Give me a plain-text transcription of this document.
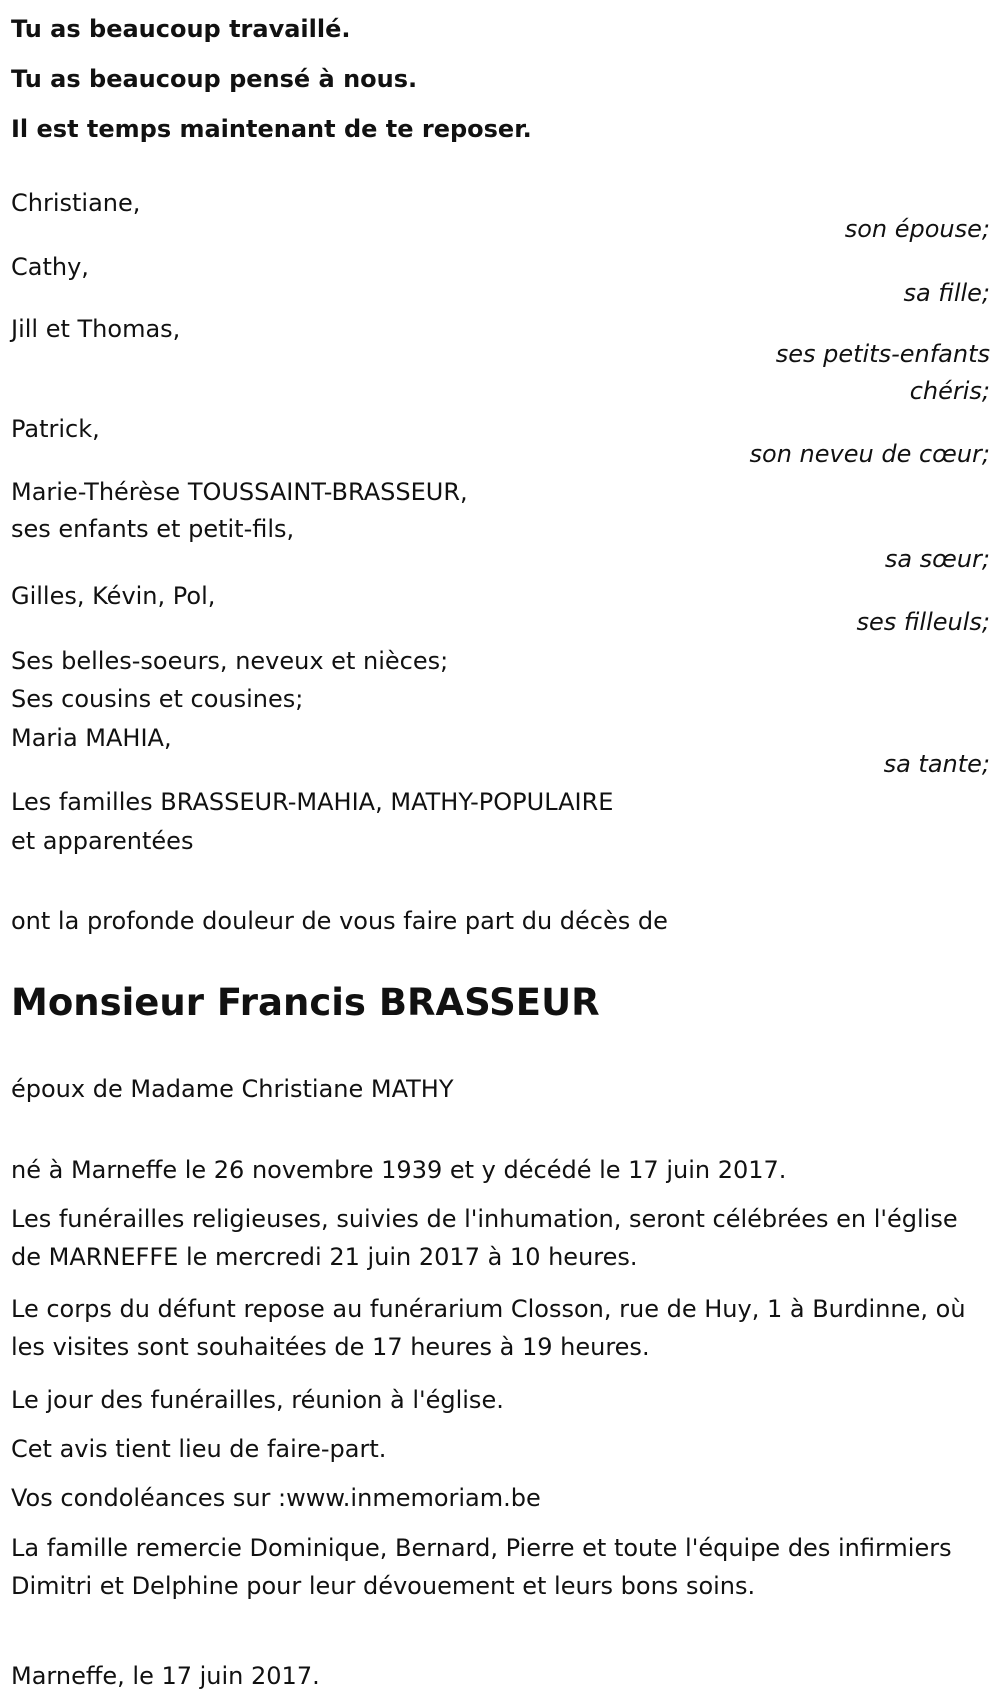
Tu as beaucoup travaillé.
Tu as beaucoup pensé à nous.
Il est temps maintenant de te reposer.
Christiane,
son épouse;
Cathy,
sa fille;
Jill et Thomas,
ses petits-enfants
chéris;
Patrick,
son neveu de cœur;
Marie-Thérèse TOUSSAINT-BRASSEUR,
ses enfants et petit-fils,
sa sœur;
Gilles, Kévin, Pol,
ses filleuls;
Ses belles-soeurs, neveux et nièces;
Ses cousins et cousines;
Maria MAHIA,
sa tante;
Les familles BRASSEUR-MAHIA, MATHY-POPULAIRE
et apparentées
ont la profonde douleur de vous faire part du décès de
Monsieur Francis BRASSEUR
époux de Madame Christiane MATHY
né à Marneffe le 26 novembre 1939 et y décédé le 17 juin 2017.
Les funérailles religieuses, suivies de l'inhumation, seront célébrées en l'église de MARNEFFE le mercredi 21 juin 2017 à 10 heures.
Le corps du défunt repose au funérarium Closson, rue de Huy, 1 à Burdinne, où les visites sont souhaitées de 17 heures à 19 heures.
Le jour des funérailles, réunion à l'église.
Cet avis tient lieu de faire-part.
Vos condoléances sur :www.inmemoriam.be
La famille remercie Dominique, Bernard, Pierre et toute l'équipe des infirmiers Dimitri et Delphine pour leur dévouement et leurs bons soins.
Marneffe, le 17 juin 2017.
